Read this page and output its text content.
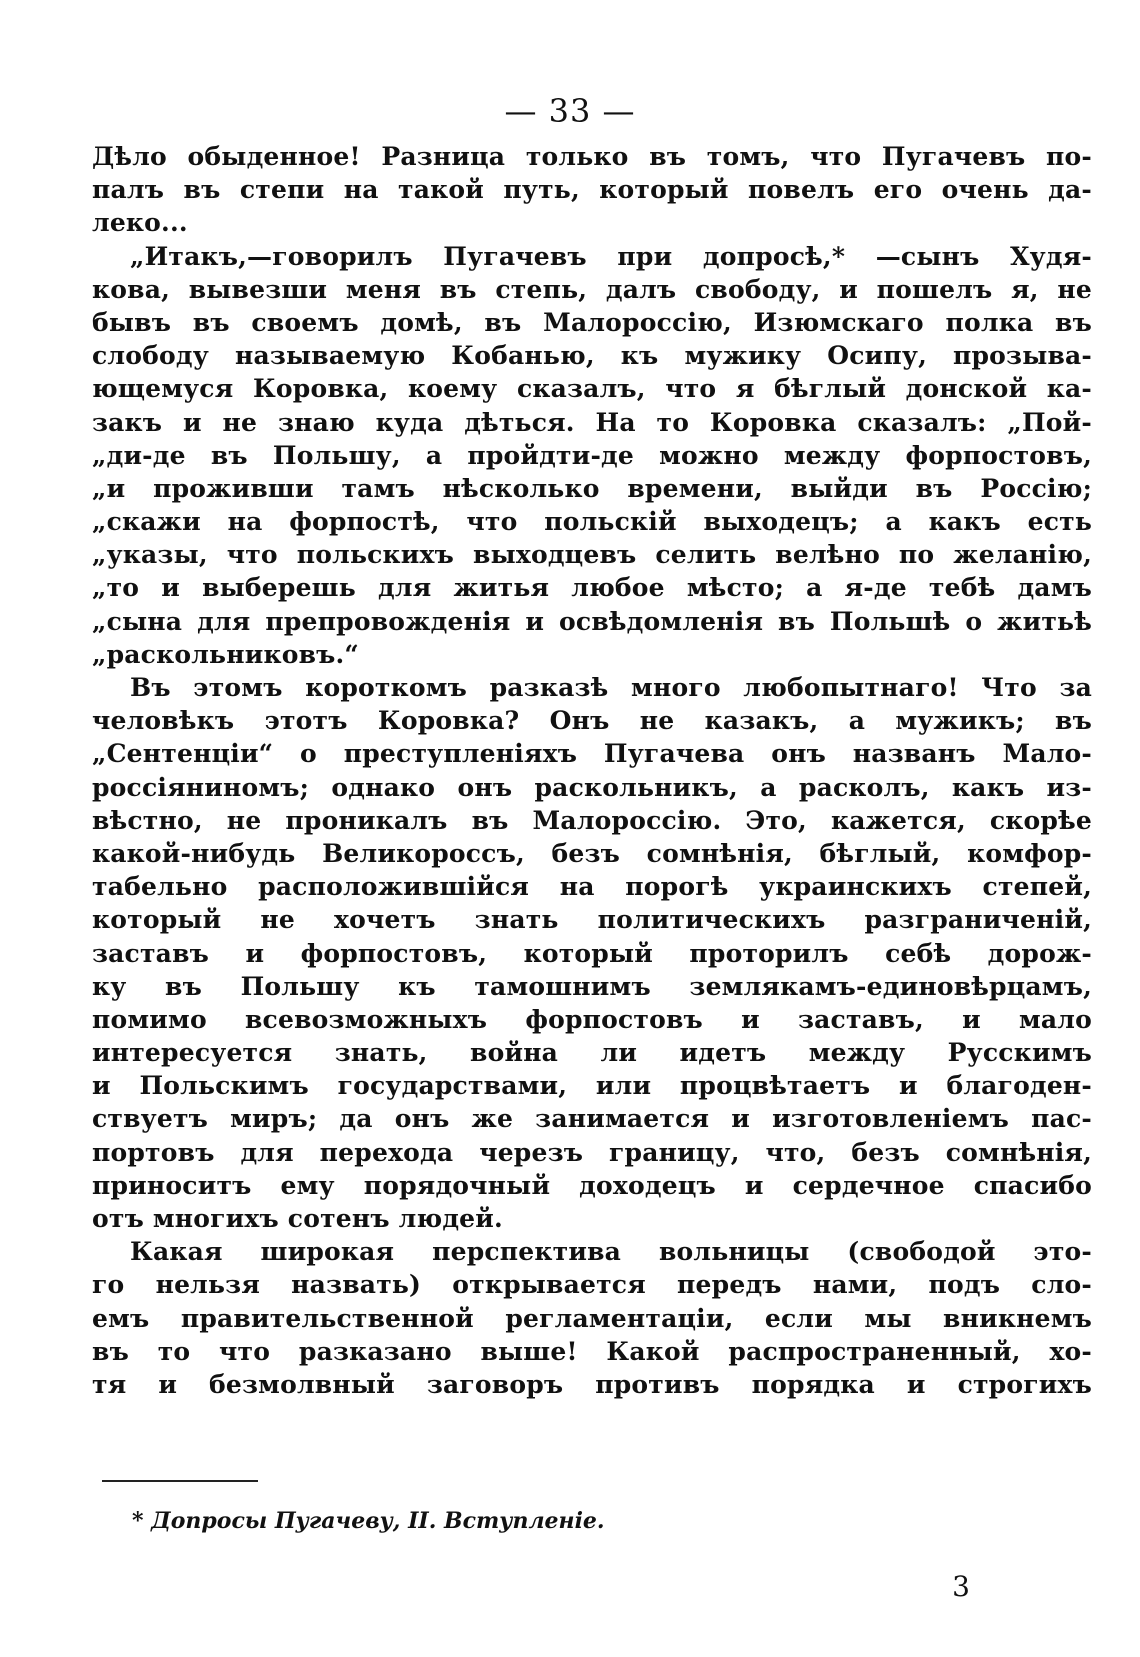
— 33 —
Дѣло обыденное! Разница только въ томъ, что Пугачевъ по-
палъ въ степи на такой путь, который повелъ его очень да-
леко...
„Итакъ,—говорилъ Пугачевъ при допросѣ,* —сынъ Худя-
кова, вывезши меня въ степь, далъ свободу, и пошелъ я, не
бывъ въ своемъ домѣ, въ Малороссію, Изюмскаго полка въ
слободу называемую Кобанью, къ мужику Осипу, прозыва-
ющемуся Коровка, коему сказалъ, что я бѣглый донской ка-
закъ и не знаю куда дѣться. На то Коровка сказалъ: „Пой-
„ди-де въ Польшу, а пройдти-де можно между форпостовъ,
„и проживши тамъ нѣсколько времени, выйди въ Россію;
„скажи на форпостѣ, что польскій выходецъ; а какъ есть
„указы, что польскихъ выходцевъ селить велѣно по желанію,
„то и выберешь для житья любое мѣсто; а я-де тебѣ дамъ
„сына для препровожденія и освѣдомленія въ Польшѣ о житьѣ
„раскольниковъ.“
Въ этомъ короткомъ разказѣ много любопытнаго! Что за
человѣкъ этотъ Коровка? Онъ не казакъ, а мужикъ; въ
„Сентенціи“ о преступленіяхъ Пугачева онъ названъ Мало-
россіяниномъ; однако онъ раскольникъ, а расколъ, какъ из-
вѣстно, не проникалъ въ Малороссію. Это, кажется, скорѣе
какой-нибудь Великороссъ, безъ сомнѣнія, бѣглый, комфор-
табельно расположившійся на порогѣ украинскихъ степей,
который не хочетъ знать политическихъ разграниченій,
заставъ и форпостовъ, который проторилъ себѣ дорож-
ку въ Польшу къ тамошнимъ землякамъ-единовѣрцамъ,
помимо всевозможныхъ форпостовъ и заставъ, и мало
интересуется знать, война ли идетъ между Русскимъ
и Польскимъ государствами, или процвѣтаетъ и благоден-
ствуетъ миръ; да онъ же занимается и изготовленіемъ пас-
портовъ для перехода черезъ границу, что, безъ сомнѣнія,
приноситъ ему порядочный доходецъ и сердечное спасибо
отъ многихъ сотенъ людей.
Какая широкая перспектива вольницы (свободой это-
го нельзя назвать) открывается передъ нами, подъ сло-
емъ правительственной регламентаціи, если мы вникнемъ
въ то что разказано выше! Какой распространенный, хо-
тя и безмолвный заговоръ противъ порядка и строгихъ
* Допросы Пугачеву, II. Вступленіе.
3
